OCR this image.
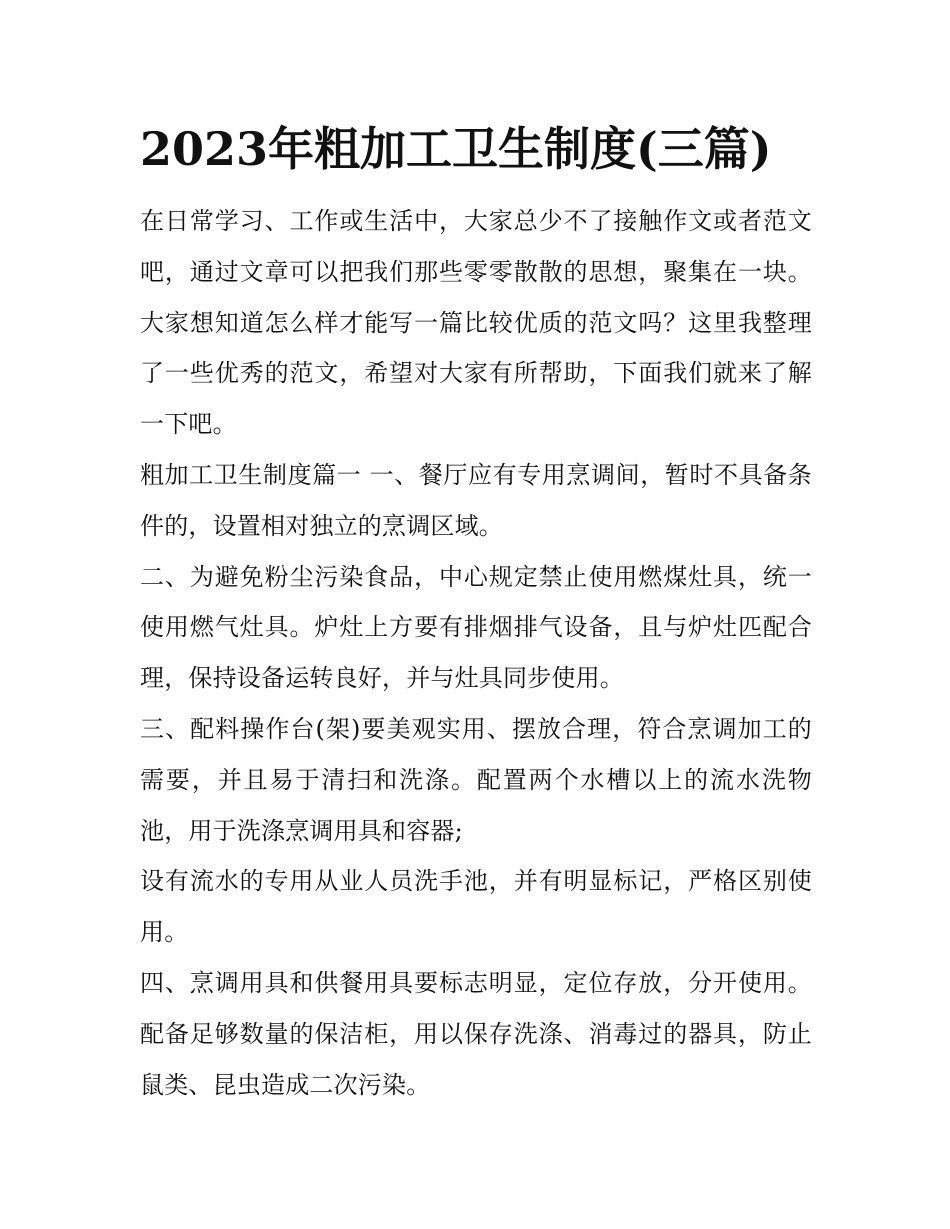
2023年粗加工卫生制度(三篇)

在日常学习、工作或生活中，大家总少不了接触作文或者范文吧，通过文章可以把我们那些零零散散的思想，聚集在一块。大家想知道怎么样才能写一篇比较优质的范文吗？这里我整理了一些优秀的范文，希望对大家有所帮助，下面我们就来了解一下吧。

粗加工卫生制度篇一 一、餐厅应有专用烹调间，暂时不具备条件的，设置相对独立的烹调区域。

二、为避免粉尘污染食品，中心规定禁止使用燃煤灶具，统一使用燃气灶具。炉灶上方要有排烟排气设备，且与炉灶匹配合理，保持设备运转良好，并与灶具同步使用。

三、配料操作台(架)要美观实用、摆放合理，符合烹调加工的需要，并且易于清扫和洗涤。配置两个水槽以上的流水洗物池，用于洗涤烹调用具和容器;

设有流水的专用从业人员洗手池，并有明显标记，严格区别使用。

四、烹调用具和供餐用具要标志明显，定位存放，分开使用。配备足够数量的保洁柜，用以保存洗涤、消毒过的器具，防止鼠类、昆虫造成二次污染。
